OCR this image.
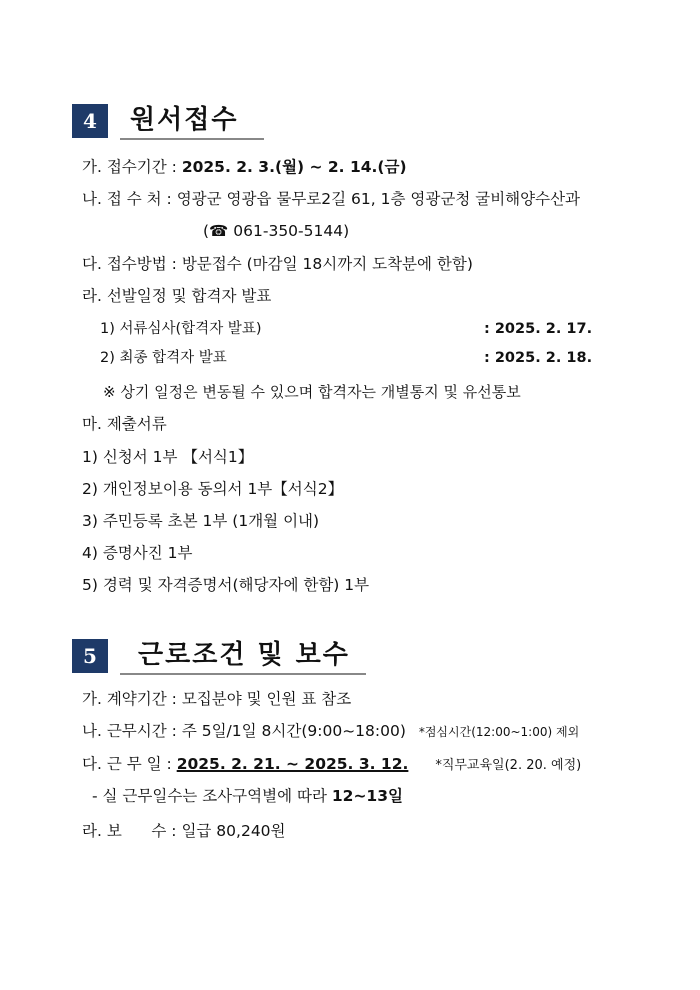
4	원서접수
가. 접수기간 : 2025. 2. 3.(월) ~ 2. 14.(금)
나. 접 수 처 : 영광군 영광읍 물무로2길 61, 1층 영광군청 굴비해양수산과
(☎ 061-350-5144)
다. 접수방법 : 방문접수 (마감일 18시까지 도착분에 한함)
라. 선발일정 및 합격자 발표
1) 서류심사(합격자 발표)	: 2025. 2. 17.
2) 최종 합격자 발표	: 2025. 2. 18.
※ 상기 일정은 변동될 수 있으며 합격자는 개별통지 및 유선통보
마. 제출서류
1) 신청서 1부 【서식1】
2) 개인정보이용 동의서 1부【서식2】
3) 주민등록 초본 1부 (1개월 이내)
4) 증명사진 1부
5) 경력 및 자격증명서(해당자에 한함) 1부
5	근로조건 및 보수
가. 계약기간 : 모집분야 및 인원 표 참조
나. 근무시간 : 주 5일/1일 8시간(9:00~18:00) *점심시간(12:00~1:00) 제외
다. 근 무 일 : 2025. 2. 21. ~ 2025. 3. 12. *직무교육일(2. 20. 예정)
- 실 근무일수는 조사구역별에 따라 12~13일
라. 보      수 : 일급 80,240원
